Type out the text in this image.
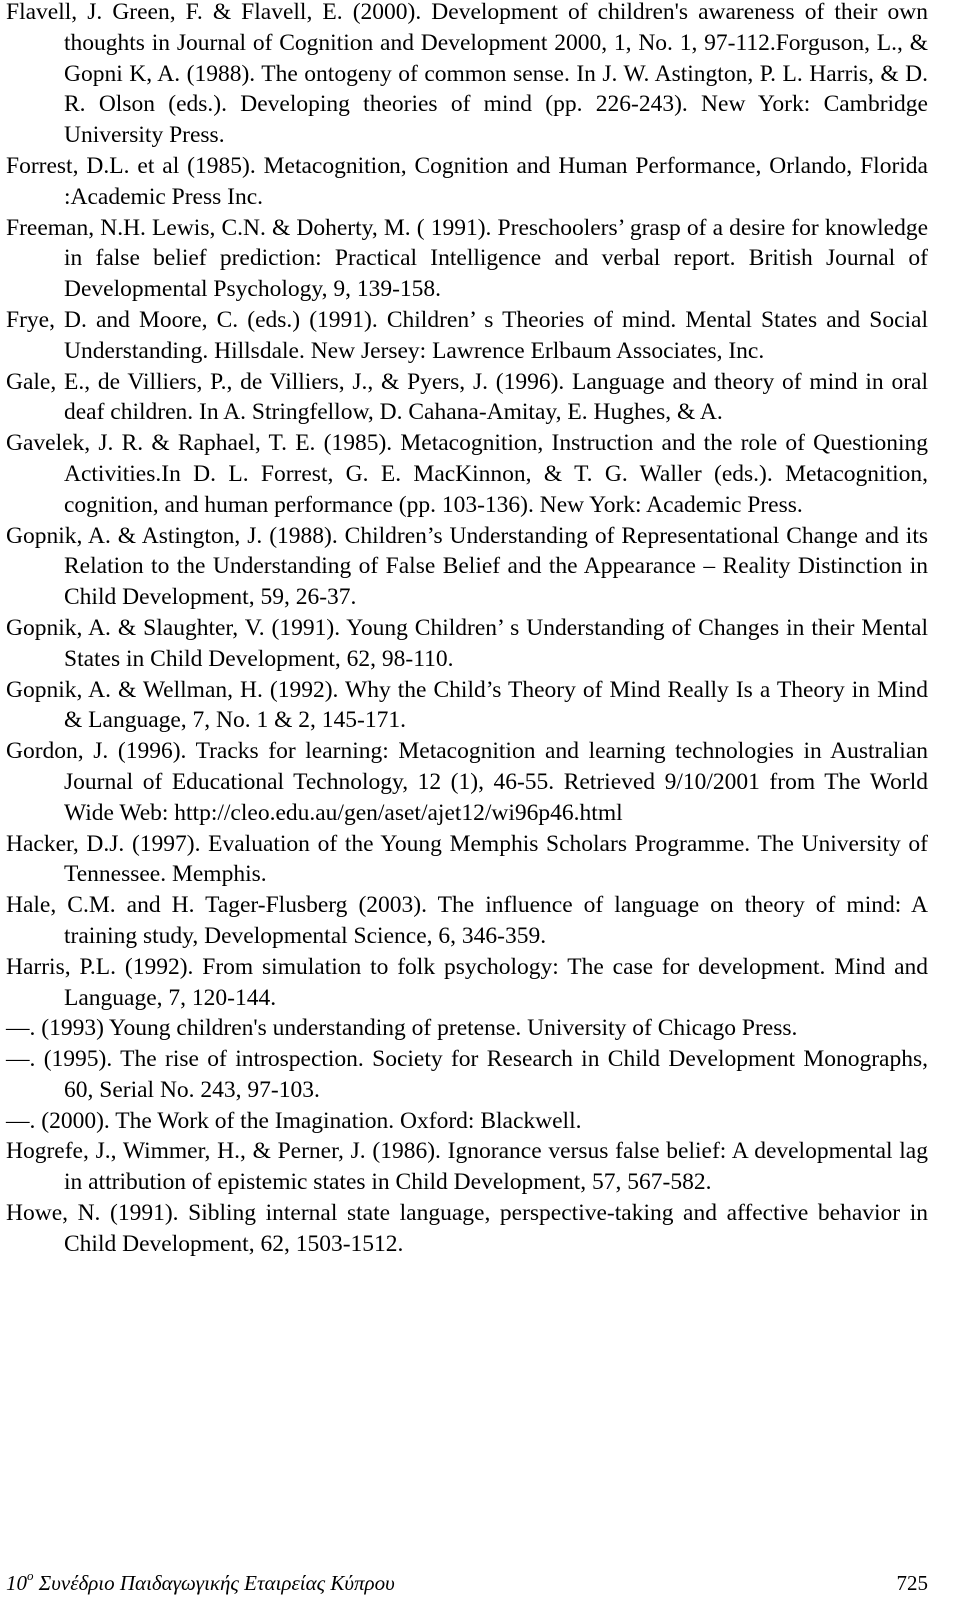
Flavell, J. Green, F. & Flavell, E. (2000). Development of children's awareness of their own thoughts in Journal of Cognition and Development 2000, 1, No. 1, 97-112.Forguson, L., & Gopni K, A. (1988). The ontogeny of common sense. In J. W. Astington, P. L. Harris, & D. R. Olson (eds.). Developing theories of mind (pp. 226-243). New York: Cambridge University Press.
Forrest, D.L. et al (1985). Metacognition, Cognition and Human Performance, Orlando, Florida :Academic Press Inc.
Freeman, N.H. Lewis, C.N. & Doherty, M. ( 1991). Preschoolers’ grasp of a desire for knowledge in false belief prediction: Practical Intelligence and verbal report. British Journal of Developmental Psychology, 9, 139-158.
Frye, D. and Moore, C. (eds.) (1991). Children’ s Theories of mind. Mental States and Social Understanding. Hillsdale. New Jersey: Lawrence Erlbaum Associates, Inc.
Gale, E., de Villiers, P., de Villiers, J., & Pyers, J. (1996). Language and theory of mind in oral deaf children. In A. Stringfellow, D. Cahana-Amitay, E. Hughes, & A.
Gavelek, J. R. & Raphael, T. E. (1985). Metacognition, Instruction and the role of Questioning Activities.In D. L. Forrest, G. E. MacKinnon, & T. G. Waller (eds.). Metacognition, cognition, and human performance (pp. 103-136). New York: Academic Press.
Gopnik, A. & Astington, J. (1988). Children’s Understanding of Representational Change and its Relation to the Understanding of False Belief and the Appearance – Reality Distinction in Child Development, 59, 26-37.
Gopnik, A. & Slaughter, V. (1991). Young Children’ s Understanding of Changes in their Mental States in Child Development, 62, 98-110.
Gopnik, A. & Wellman, H. (1992). Why the Child’s Theory of Mind Really Is a Theory in Mind & Language, 7, No. 1 & 2, 145-171.
Gordon, J. (1996). Tracks for learning: Metacognition and learning technologies in Australian Journal of Educational Technology, 12 (1), 46-55. Retrieved 9/10/2001 from The World Wide Web: http://cleo.edu.au/gen/aset/ajet12/wi96p46.html
Hacker, D.J. (1997). Evaluation of the Young Memphis Scholars Programme. The University of Tennessee. Memphis.
Hale, C.M. and H. Tager-Flusberg (2003). The influence of language on theory of mind: A training study, Developmental Science, 6, 346-359.
Harris, P.L. (1992). From simulation to folk psychology: The case for development. Mind and Language, 7, 120-144.
—. (1993) Young children's understanding of pretense. University of Chicago Press.
—. (1995). The rise of introspection. Society for Research in Child Development Monographs, 60, Serial No. 243, 97-103.
—. (2000). The Work of the Imagination. Oxford: Blackwell.
Hogrefe, J., Wimmer, H., & Perner, J. (1986). Ignorance versus false belief: A developmental lag in attribution of epistemic states in Child Development, 57, 567-582.
Howe, N. (1991). Sibling internal state language, perspective-taking and affective behavior in Child Development, 62, 1503-1512.
$10^o$ Συνέδριο Παιδαγωγικής Εταιρείας Κύπρου	725
